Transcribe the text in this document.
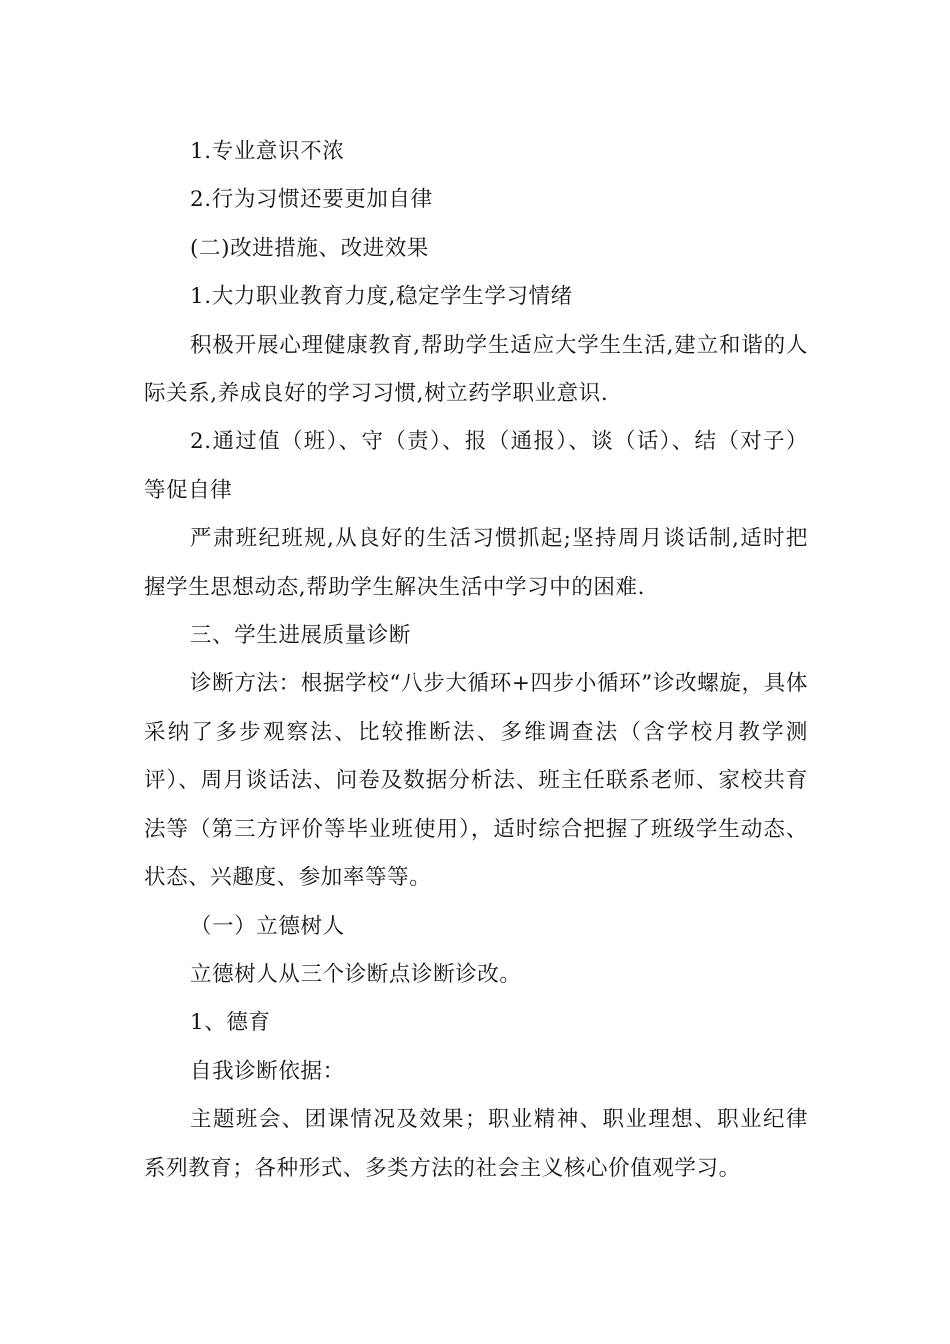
1.专业意识不浓

2.行为习惯还要更加自律

(二)改进措施、改进效果

1.大力职业教育力度,稳定学生学习情绪

积极开展心理健康教育,帮助学生适应大学生生活,建立和谐的人际关系,养成良好的学习习惯,树立药学职业意识.

2.通过值（班）、守（责）、报（通报）、谈（话）、结（对子）等促自律

严肃班纪班规,从良好的生活习惯抓起;坚持周月谈话制,适时把握学生思想动态,帮助学生解决生活中学习中的困难.

三、学生进展质量诊断

诊断方法：根据学校“八步大循环+四步小循环”诊改螺旋，具体采纳了多步观察法、比较推断法、多维调查法（含学校月教学测评）、周月谈话法、问卷及数据分析法、班主任联系老师、家校共育法等（第三方评价等毕业班使用），适时综合把握了班级学生动态、状态、兴趣度、参加率等等。

（一）立德树人

立德树人从三个诊断点诊断诊改。

1、德育

自我诊断依据：

主题班会、团课情况及效果；职业精神、职业理想、职业纪律系列教育；各种形式、多类方法的社会主义核心价值观学习。
